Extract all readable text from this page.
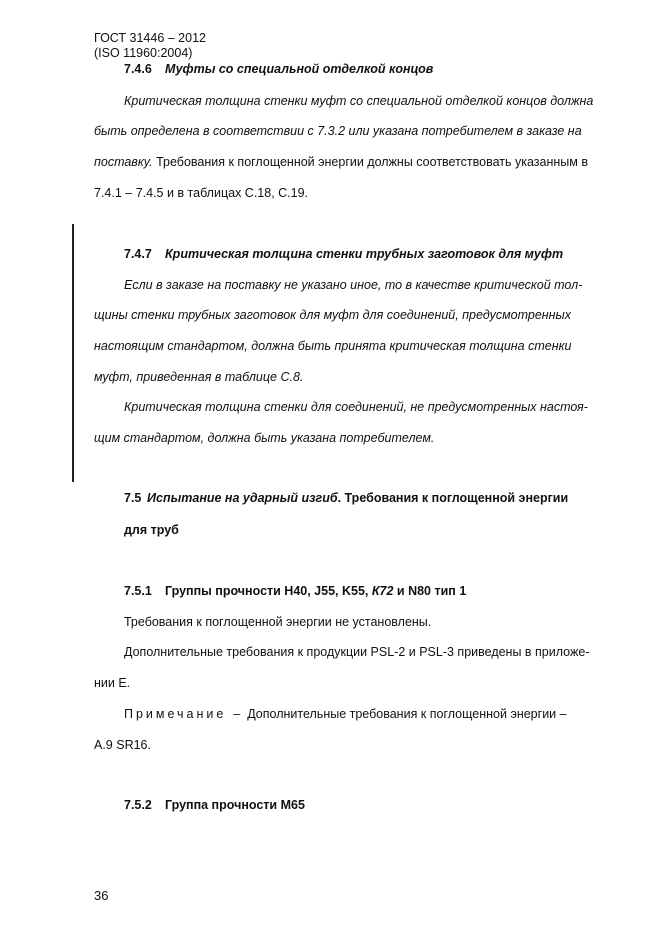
ГОСТ 31446 – 2012
(ISO 11960:2004)
7.4.6 Муфты со специальной отделкой концов
Критическая толщина стенки муфт со специальной отделкой концов должна
быть определена в соответствии с 7.3.2 или указана потребителем в заказе на
поставку. Требования к поглощенной энергии должны соответствовать указанным в
7.4.1 – 7.4.5 и в таблицах С.18, С.19.
7.4.7 Критическая толщина стенки трубных заготовок для муфт
Если в заказе на поставку не указано иное, то в качестве критической тол-
щины стенки трубных заготовок для муфт для соединений, предусмотренных
настоящим стандартом, должна быть принята критическая толщина стенки
муфт, приведенная в таблице С.8.
Критическая толщина стенки для соединений, не предусмотренных настоя-
щим стандартом, должна быть указана потребителем.
7.5 Испытание на ударный изгиб. Требования к поглощенной энергии
для труб
7.5.1 Группы прочности Н40, J55, K55, К72 и N80 тип 1
Требования к поглощенной энергии не установлены.
Дополнительные требования к продукции PSL-2 и PSL-3 приведены в приложе-
нии Е.
Примечание  –  Дополнительные требования к поглощенной энергии –
A.9 SR16.
7.5.2 Группа прочности М65
36
